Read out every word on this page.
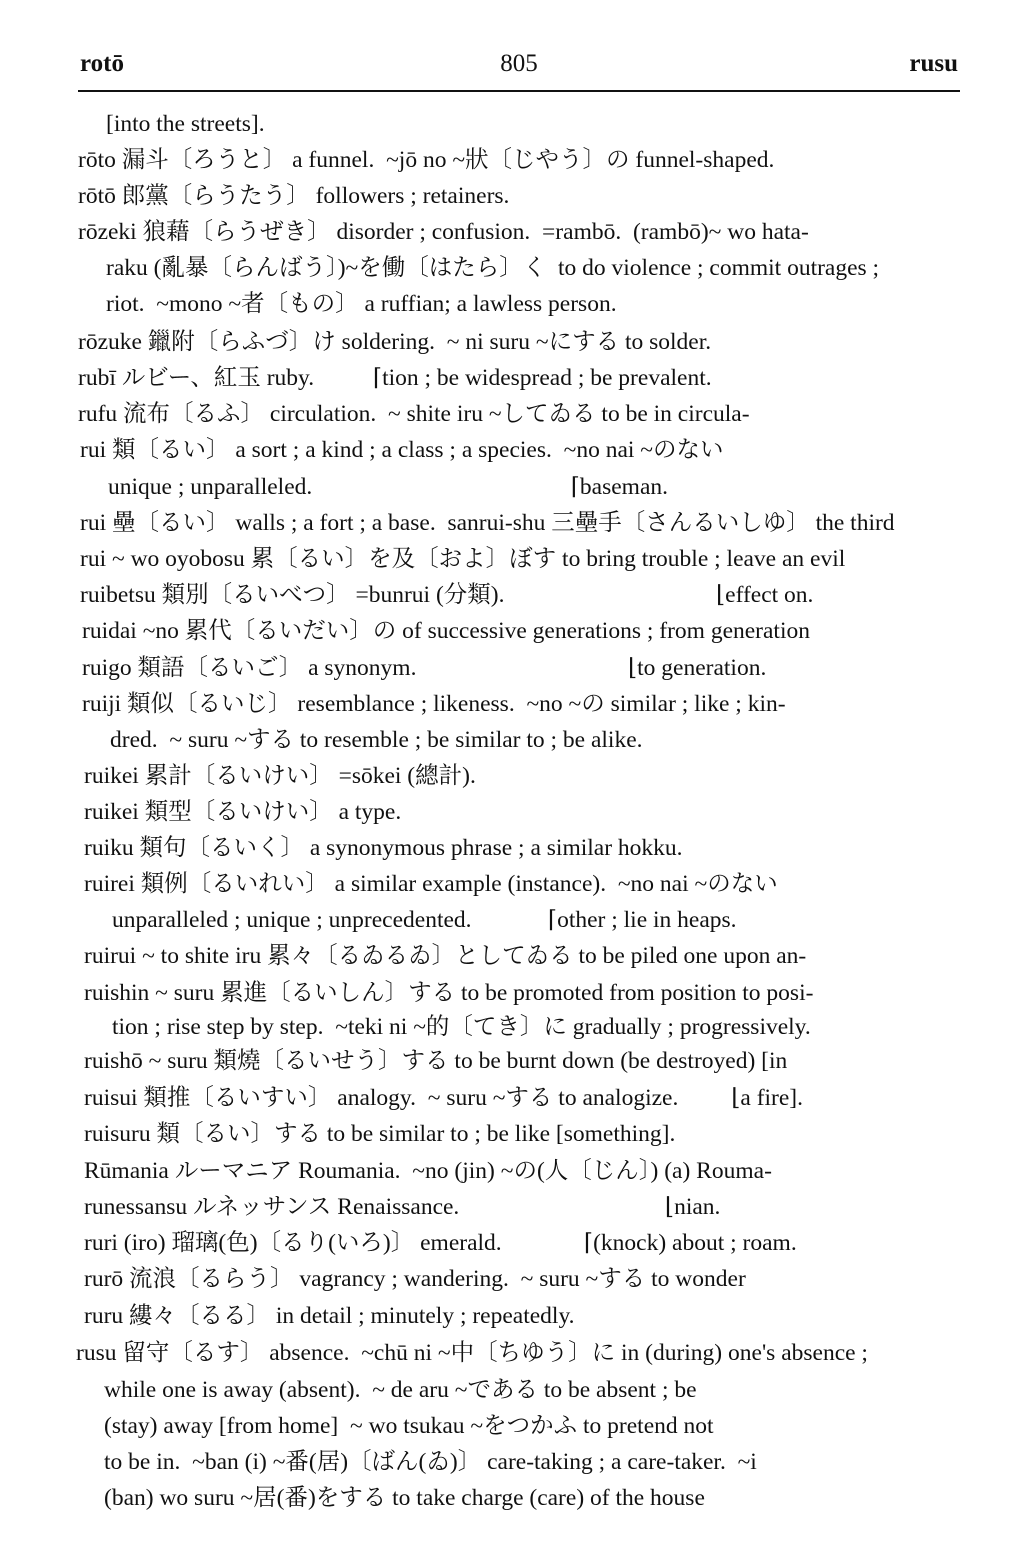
rotō	805	rusu
[into the streets].
rōto 漏斗〔ろうと〕 a funnel.  ~jō no ~狀〔じやう〕の funnel-shaped.
rōtō 郎黨〔らうたう〕 followers ; retainers.
rōzeki 狼藉〔らうぜき〕 disorder ; confusion.  =rambō.  (rambō)~ wo hata-
raku (亂暴〔らんばう〕)~を働〔はたら〕く  to do violence ; commit outrages ;
riot.  ~mono ~者〔もの〕 a ruffian; a lawless person.
rōzuke 鑞附〔らふづ〕け soldering.  ~ ni suru ~にする to solder.
rubī ルビー、紅玉 ruby.          ⌈tion ; be widespread ; be prevalent.
rufu 流布〔るふ〕 circulation.  ~ shite iru ~してゐる to be in circula-
rui 類〔るい〕 a sort ; a kind ; a class ; a species.  ~no nai ~のない
unique ; unparalleled.                                            ⌈baseman.
rui 壘〔るい〕 walls ; a fort ; a base.  sanrui-shu 三壘手〔さんるいしゆ〕 the third
rui ~ wo oyobosu 累〔るい〕を及〔およ〕ぼす to bring trouble ; leave an evil
ruibetsu 類別〔るいべつ〕 =bunrui (分類).                                    ⌊effect on.
ruidai ~no 累代〔るいだい〕の of successive generations ; from generation
ruigo 類語〔るいご〕 a synonym.                                    ⌊to generation.
ruiji 類似〔るいじ〕 resemblance ; likeness.  ~no ~の similar ; like ; kin-
dred.  ~ suru ~する to resemble ; be similar to ; be alike.
ruikei 累計〔るいけい〕 =sōkei (總計).
ruikei 類型〔るいけい〕 a type.
ruiku 類句〔るいく〕 a synonymous phrase ; a similar hokku.
ruirei 類例〔るいれい〕 a similar example (instance).  ~no nai ~のない
unparalleled ; unique ; unprecedented.             ⌈other ; lie in heaps.
ruirui ~ to shite iru 累々〔るゐるゐ〕としてゐる to be piled one upon an-
ruishin ~ suru 累進〔るいしん〕する to be promoted from position to posi-
tion ; rise step by step.  ~teki ni ~的〔てき〕に gradually ; progressively.
ruishō ~ suru 類燒〔るいせう〕する to be burnt down (be destroyed) [in
ruisui 類推〔るいすい〕 analogy.  ~ suru ~する to analogize.         ⌊a fire].
ruisuru 類〔るい〕する to be similar to ; be like [something].
Rūmania ルーマニア Roumania.  ~no (jin) ~の(人〔じん〕) (a) Rouma-
runessansu ルネッサンス Renaissance.                                   ⌊nian.
ruri (iro) 瑠璃(色)〔るり(いろ)〕 emerald.              ⌈(knock) about ; roam.
rurō 流浪〔るらう〕 vagrancy ; wandering.  ~ suru ~する to wonder
ruru 縷々〔るる〕 in detail ; minutely ; repeatedly.
rusu 留守〔るす〕 absence.  ~chū ni ~中〔ちゆう〕に in (during) one's absence ;
while one is away (absent).  ~ de aru ~である to be absent ; be
(stay) away [from home]  ~ wo tsukau ~をつかふ to pretend not
to be in.  ~ban (i) ~番(居)〔ばん(ゐ)〕 care-taking ; a care-taker.  ~i
(ban) wo suru ~居(番)をする to take charge (care) of the house
